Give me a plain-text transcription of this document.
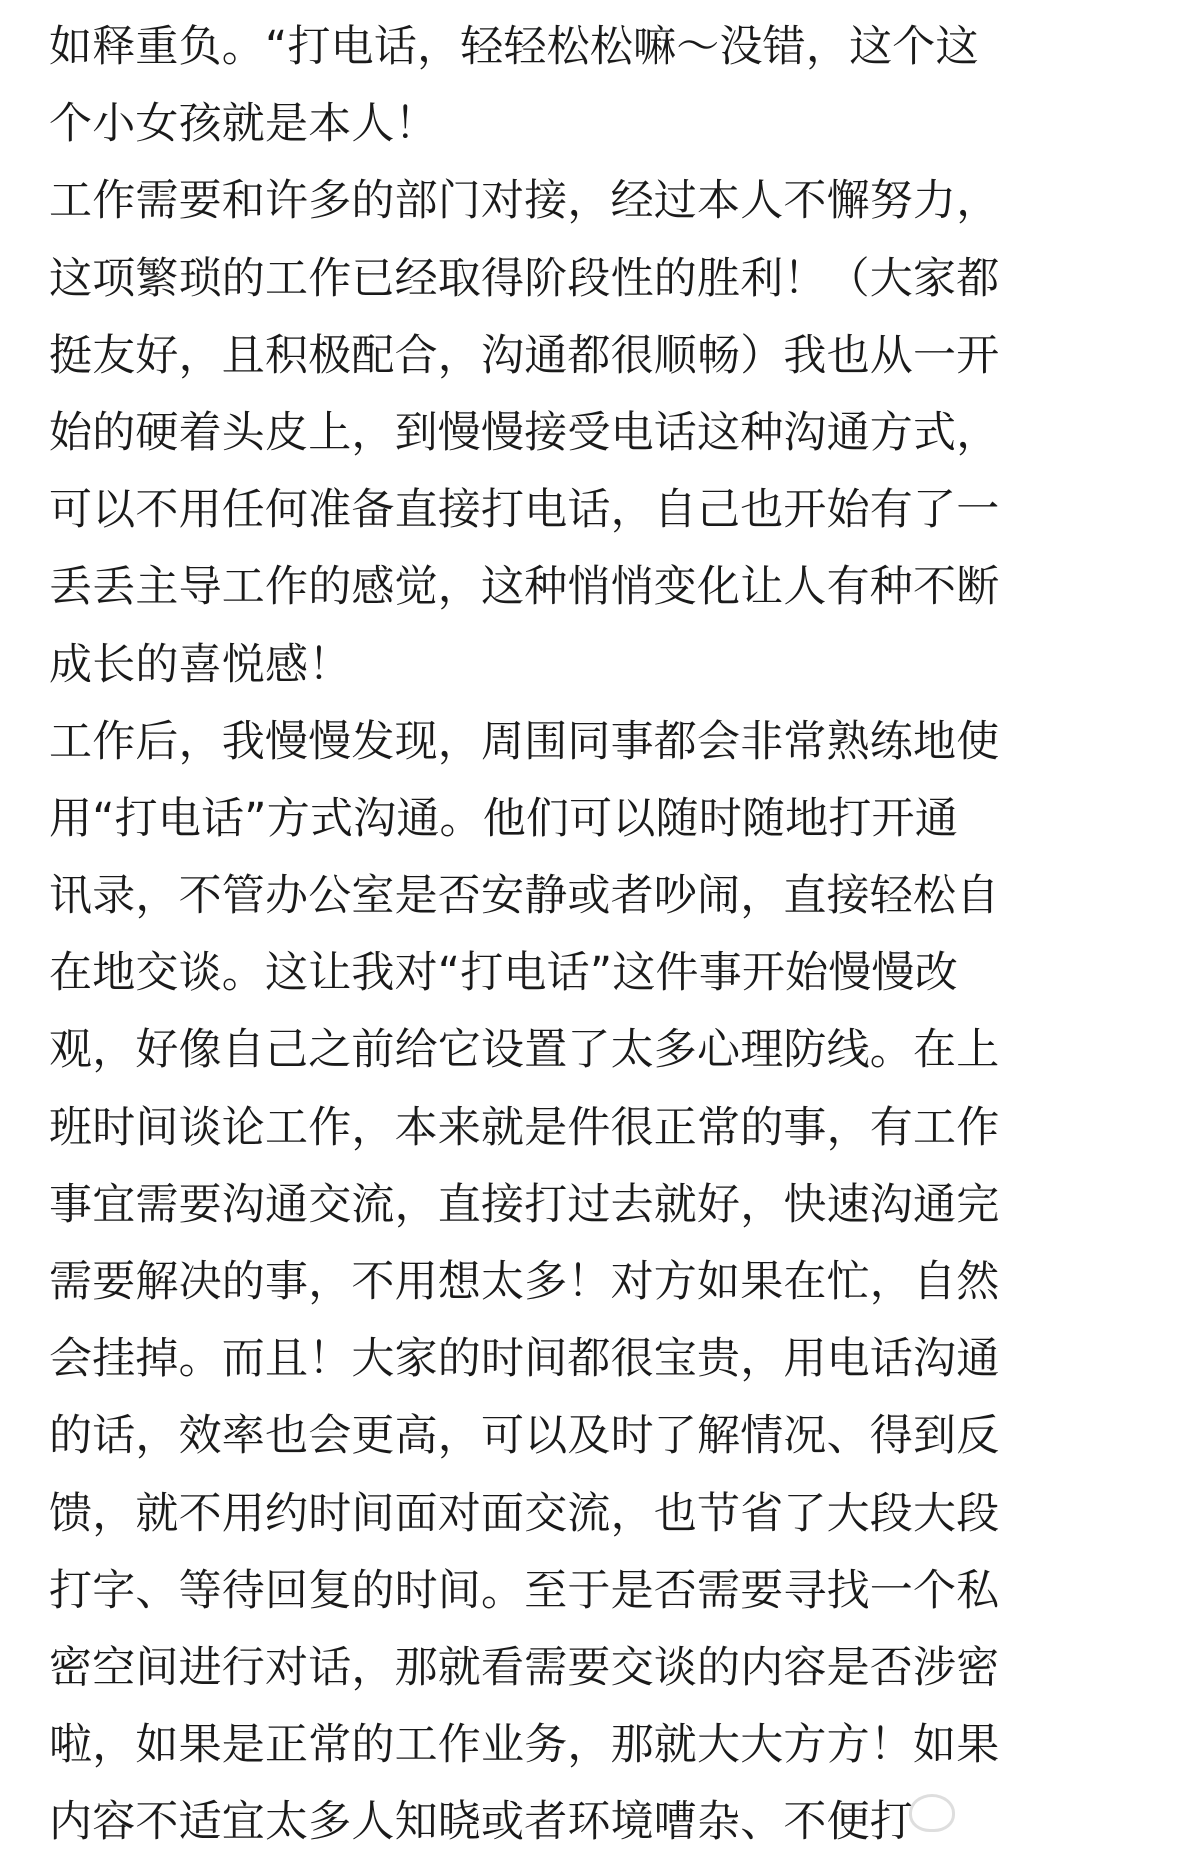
如释重负。“打电话，轻轻松松嘛～没错，这个这
个小女孩就是本人！
工作需要和许多的部门对接，经过本人不懈努力，
这项繁琐的工作已经取得阶段性的胜利！（大家都
挺友好，且积极配合，沟通都很顺畅）我也从一开
始的硬着头皮上，到慢慢接受电话这种沟通方式，
可以不用任何准备直接打电话，自己也开始有了一
丢丢主导工作的感觉，这种悄悄变化让人有种不断
成长的喜悦感！
工作后，我慢慢发现，周围同事都会非常熟练地使
用“打电话”方式沟通。他们可以随时随地打开通
讯录，不管办公室是否安静或者吵闹，直接轻松自
在地交谈。这让我对“打电话”这件事开始慢慢改
观，好像自己之前给它设置了太多心理防线。在上
班时间谈论工作，本来就是件很正常的事，有工作
事宜需要沟通交流，直接打过去就好，快速沟通完
需要解决的事，不用想太多！对方如果在忙，自然
会挂掉。而且！大家的时间都很宝贵，用电话沟通
的话，效率也会更高，可以及时了解情况、得到反
馈，就不用约时间面对面交流，也节省了大段大段
打字、等待回复的时间。至于是否需要寻找一个私
密空间进行对话，那就看需要交谈的内容是否涉密
啦，如果是正常的工作业务，那就大大方方！如果
内容不适宜太多人知晓或者环境嘈杂、不便打
